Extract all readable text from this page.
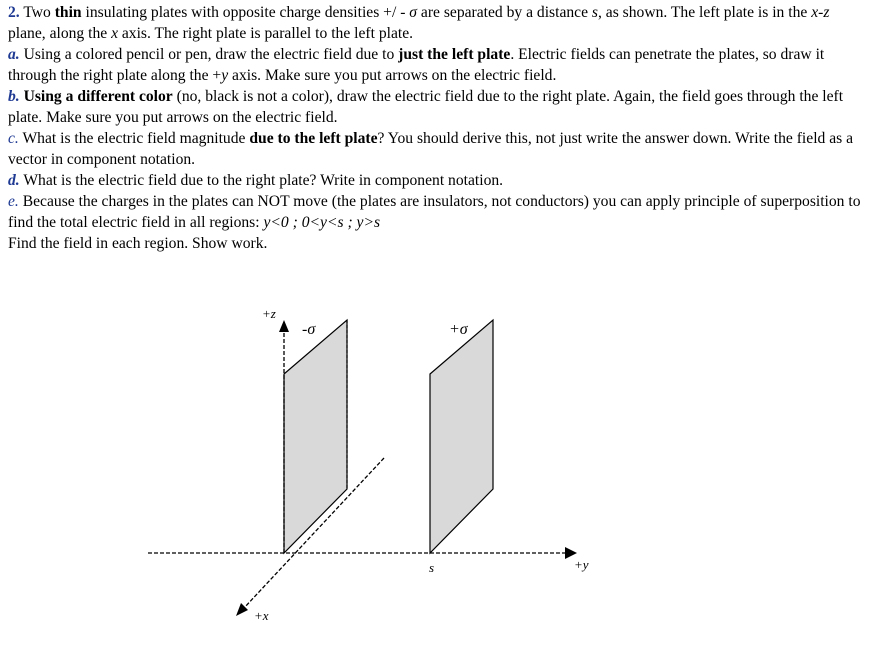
2. Two thin insulating plates with opposite charge densities +/ - σ are separated by a distance s, as shown. The left plate is in the x-z plane, along the x axis. The right plate is parallel to the left plate.

a. Using a colored pencil or pen, draw the electric field due to just the left plate. Electric fields can penetrate the plates, so draw it through the right plate along the +y axis. Make sure you put arrows on the electric field.

b. Using a different color (no, black is not a color), draw the electric field due to the right plate. Again, the field goes through the left plate. Make sure you put arrows on the electric field.

c. What is the electric field magnitude due to the left plate? You should derive this, not just write the answer down. Write the field as a vector in component notation.

d. What is the electric field due to the right plate? Write in component notation.

e. Because the charges in the plates can NOT move (the plates are insulators, not conductors) you can apply principle of superposition to find the total electric field in all regions: y<0 ; 0<y<s ; y>s

Find the field in each region. Show work.

+z
-σ	+σ
s	+y
+x
